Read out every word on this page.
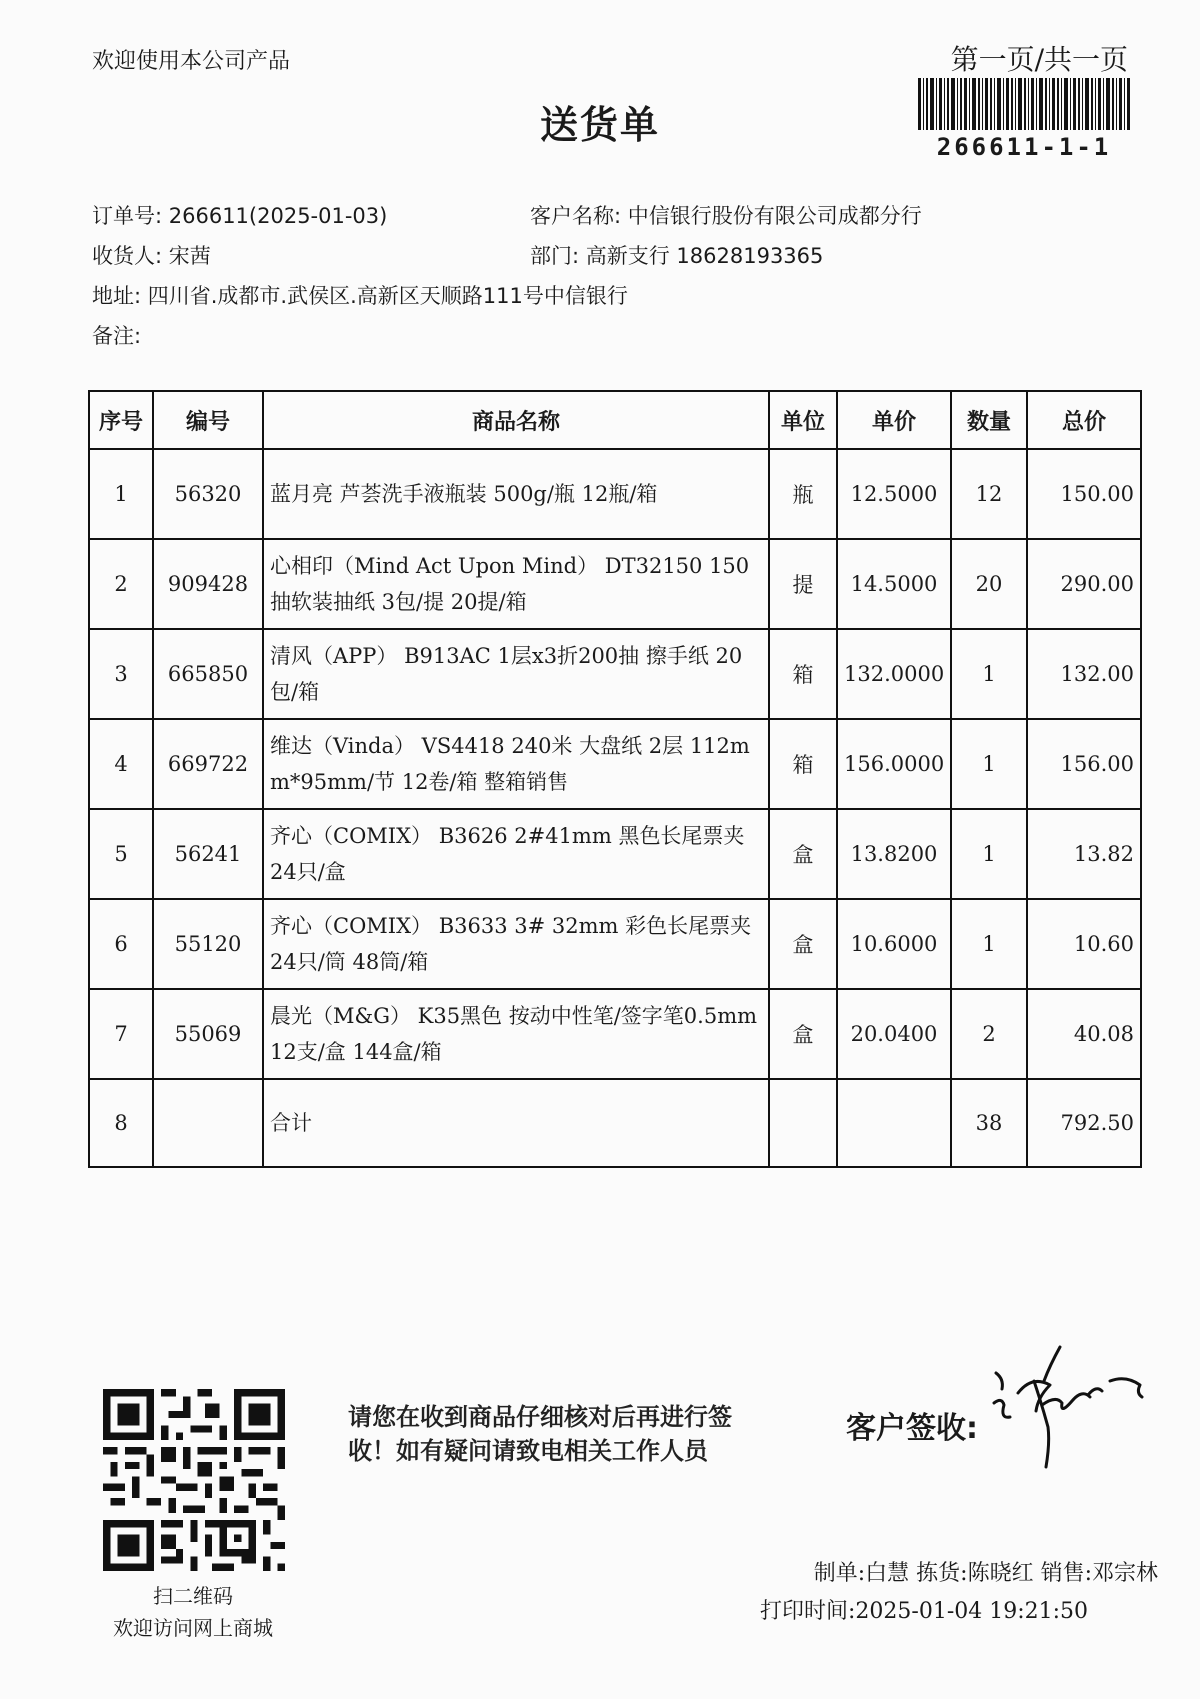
欢迎使用本公司产品
送货单
第一页/共一页
266611-1-1
订单号: 266611(2025-01-03)	客户名称: 中信银行股份有限公司成都分行
收货人: 宋茜	部门: 高新支行 18628193365
地址: 四川省.成都市.武侯区.高新区天顺路111号中信银行
备注:
序号	编号	商品名称	单位	单价	数量	总价
1	56320	蓝月亮 芦荟洗手液瓶装 500g/瓶 12瓶/箱	瓶	12.5000	12	150.00
2	909428	心相印（Mind Act Upon Mind） DT32150 150抽软装抽纸 3包/提 20提/箱	提	14.5000	20	290.00
3	665850	清风（APP） B913AC 1层x3折200抽 擦手纸 20包/箱	箱	132.0000	1	132.00
4	669722	维达（Vinda） VS4418 240米 大盘纸 2层 112mm*95mm/节 12卷/箱 整箱销售	箱	156.0000	1	156.00
5	56241	齐心（COMIX） B3626 2#41mm 黑色长尾票夹 24只/盒	盒	13.8200	1	13.82
6	55120	齐心（COMIX） B3633 3# 32mm 彩色长尾票夹 24只/筒 48筒/箱	盒	10.6000	1	10.60
7	55069	晨光（M&G） K35黑色 按动中性笔/签字笔0.5mm 12支/盒 144盒/箱	盒	20.0400	2	40.08
8		合计			38	792.50
扫二维码
欢迎访问网上商城
请您在收到商品仔细核对后再进行签收！如有疑问请致电相关工作人员
客户签收:
制单:白慧 拣货:陈晓红 销售:邓宗林
打印时间:2025-01-04 19:21:50
